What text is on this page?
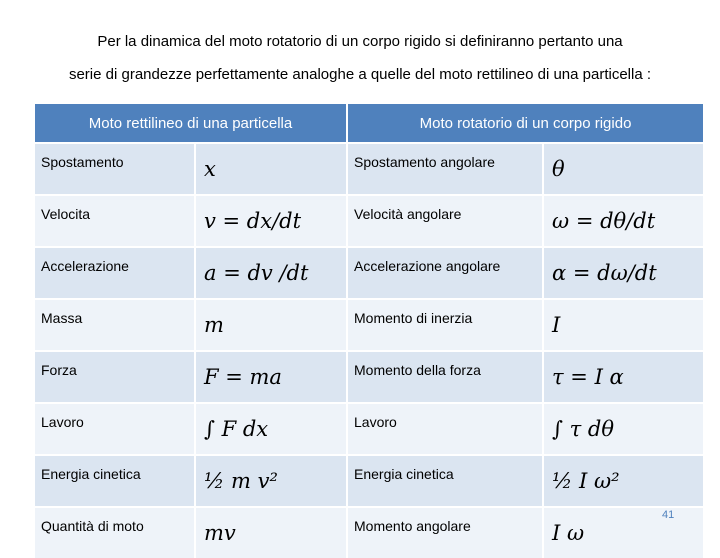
Per la dinamica del moto rotatorio di un corpo rigido si definiranno pertanto una
serie di grandezze perfettamente analoghe a quelle del moto rettilineo di una particella :
Moto rettilineo di una particella		Moto rotatorio di un corpo rigido	
Spostamento	x	Spostamento angolare	θ
Velocita	v = dx/dt	Velocità angolare	ω = dθ/dt
Accelerazione	a = dv /dt	Accelerazione angolare	α = dω/dt
Massa	m	Momento di inerzia	I
Forza	F = ma	Momento della forza	τ = I α
Lavoro	∫ F dx	Lavoro	∫ τ dθ
Energia cinetica	½ m v²	Energia cinetica	½ I ω²
Quantità di moto	mv	Momento angolare	I ω
41
